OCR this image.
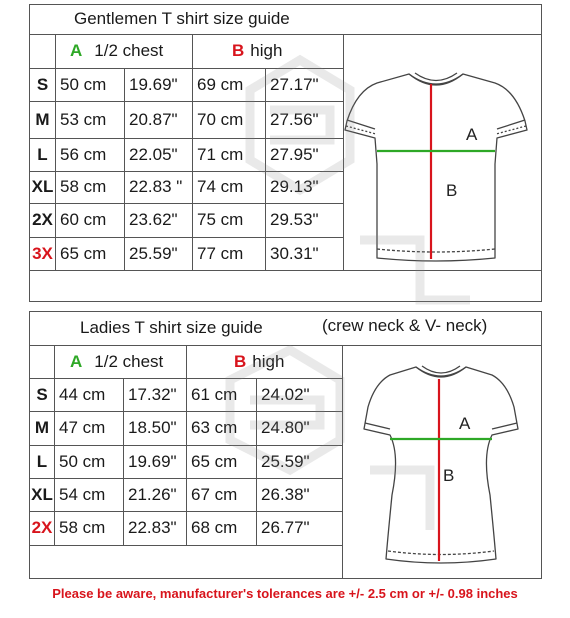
Gentlemen T shirt size guide
A 1/2 chest	B high
S 50 cm 19.69" 69 cm 27.17"
M 53 cm 20.87" 70 cm 27.56"
L 56 cm 22.05" 71 cm 27.95"
XL 58 cm 22.83 " 74 cm 29.13"
2X 60 cm 23.62" 75 cm 29.53"
3X 65 cm 25.59" 77 cm 30.31"
A
B
Ladies T shirt size guide	(crew neck & V- neck)
A 1/2 chest	B high
S 44 cm 17.32" 61 cm 24.02"
M 47 cm 18.50" 63 cm 24.80"
L 50 cm 19.69" 65 cm 25.59"
XL 54 cm 21.26" 67 cm 26.38"
2X 58 cm 22.83" 68 cm 26.77"
A
B
Please be aware, manufacturer's tolerances are +/- 2.5 cm or +/- 0.98 inches
